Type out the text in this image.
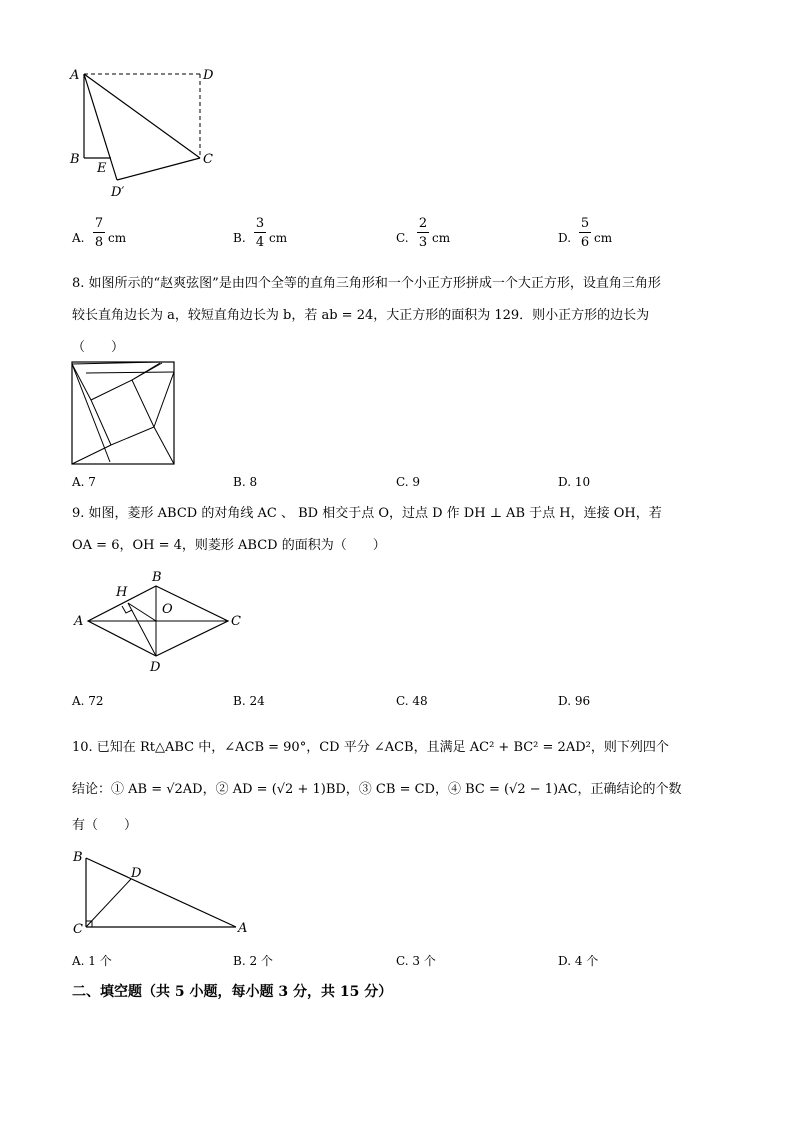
A	D
B	C
E
D′
A.
7
8 cm	B.
3
4 cm	C.
2
3 cm	D.
5
6 cm
8. 如图所示的“赵爽弦图”是由四个全等的直角三角形和一个小正方形拼成一个大正方形，设直角三角形
较长直角边长为 a，较短直角边长为 b，若 ab = 24，大正方形的面积为 129．则小正方形的边长为
（　　）
A. 7	B. 8	C. 9	D. 10
9. 如图，菱形 ABCD 的对角线 AC 、 BD 相交于点 O，过点 D 作 DH ⊥ AB 于点 H，连接 OH，若
OA = 6，OH = 4，则菱形 ABCD 的面积为（　　）
A
B
C
D
H
O
A. 72	B. 24	C. 48	D. 96
10. 已知在 Rt△ABC 中，∠ACB = 90°，CD 平分 ∠ACB，且满足 AC² + BC² = 2AD²，则下列四个
结论：① AB = √2AD，② AD = (√2 + 1)BD，③ CB = CD，④ BC = (√2 − 1)AC，正确结论的个数
有（　　）
B
C
D
A
A. 1 个	B. 2 个	C. 3 个	D. 4 个
二、填空题（共 5 小题，每小题 3 分，共 15 分）
